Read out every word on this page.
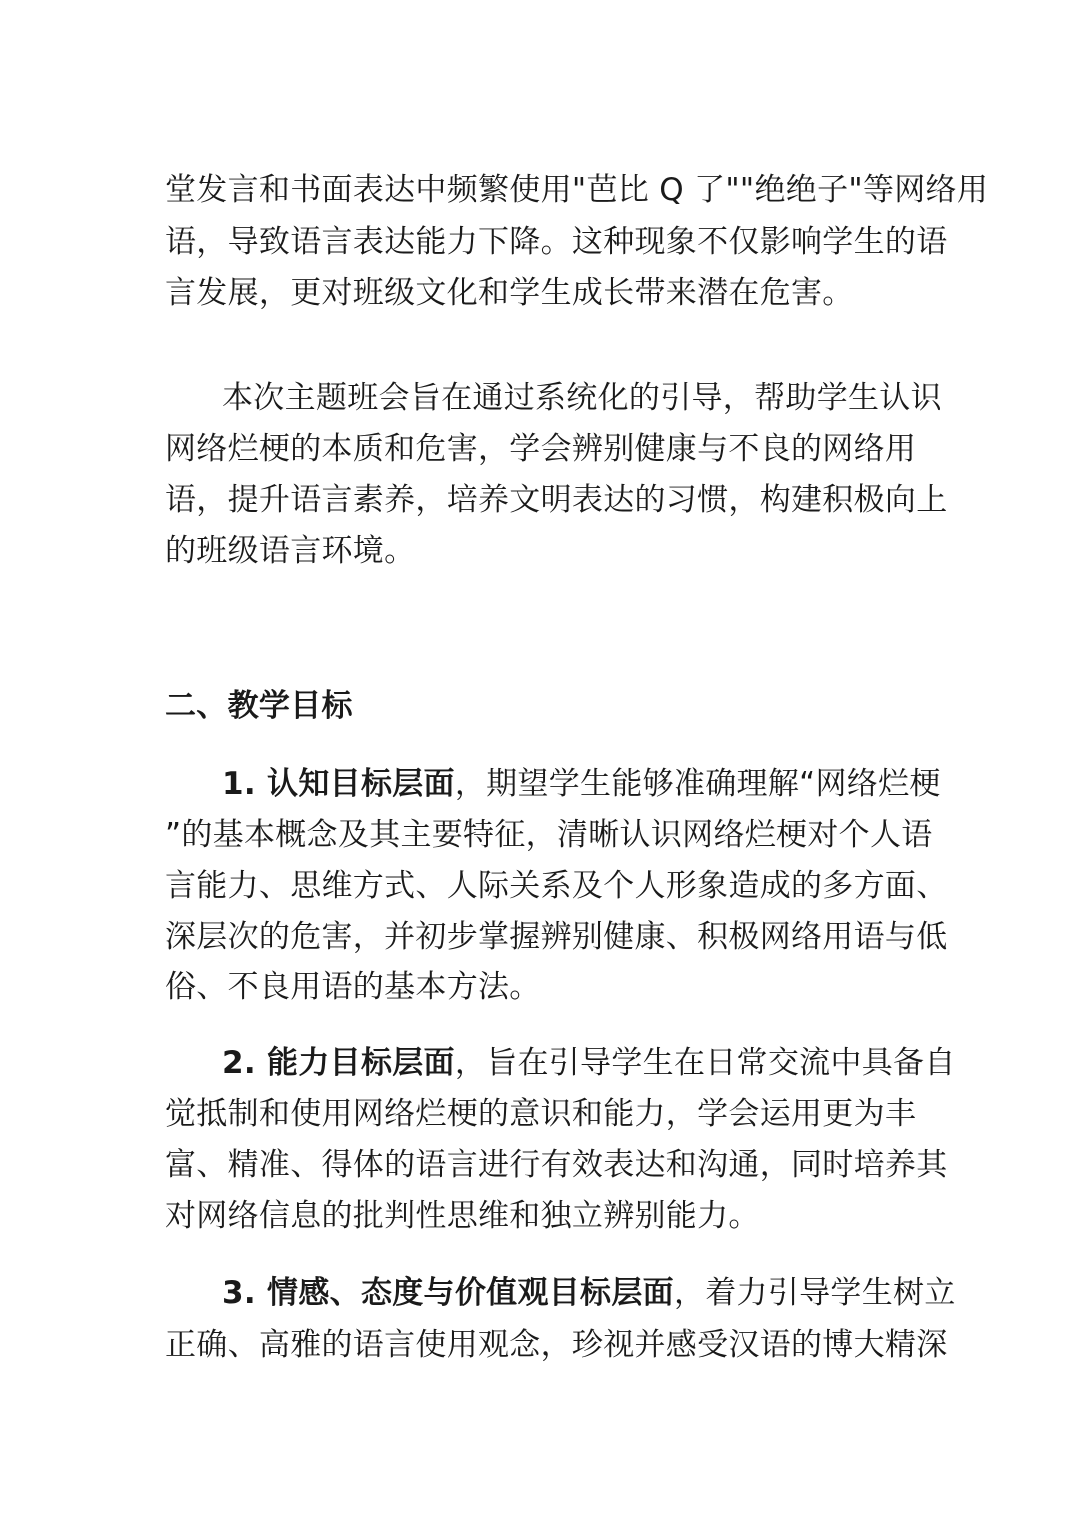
堂发言和书面表达中频繁使用"芭比 Q 了""绝绝子"等网络用
语，导致语言表达能力下降。这种现象不仅影响学生的语
言发展，更对班级文化和学生成长带来潜在危害。
本次主题班会旨在通过系统化的引导，帮助学生认识
网络烂梗的本质和危害，学会辨别健康与不良的网络用
语，提升语言素养，培养文明表达的习惯，构建积极向上
的班级语言环境。
二、教学目标
1. 认知目标层面，期望学生能够准确理解“网络烂梗
”的基本概念及其主要特征，清晰认识网络烂梗对个人语
言能力、思维方式、人际关系及个人形象造成的多方面、
深层次的危害，并初步掌握辨别健康、积极网络用语与低
俗、不良用语的基本方法。
2. 能力目标层面，旨在引导学生在日常交流中具备自
觉抵制和使用网络烂梗的意识和能力，学会运用更为丰
富、精准、得体的语言进行有效表达和沟通，同时培养其
对网络信息的批判性思维和独立辨别能力。
3. 情感、态度与价值观目标层面，着力引导学生树立
正确、高雅的语言使用观念，珍视并感受汉语的博大精深
